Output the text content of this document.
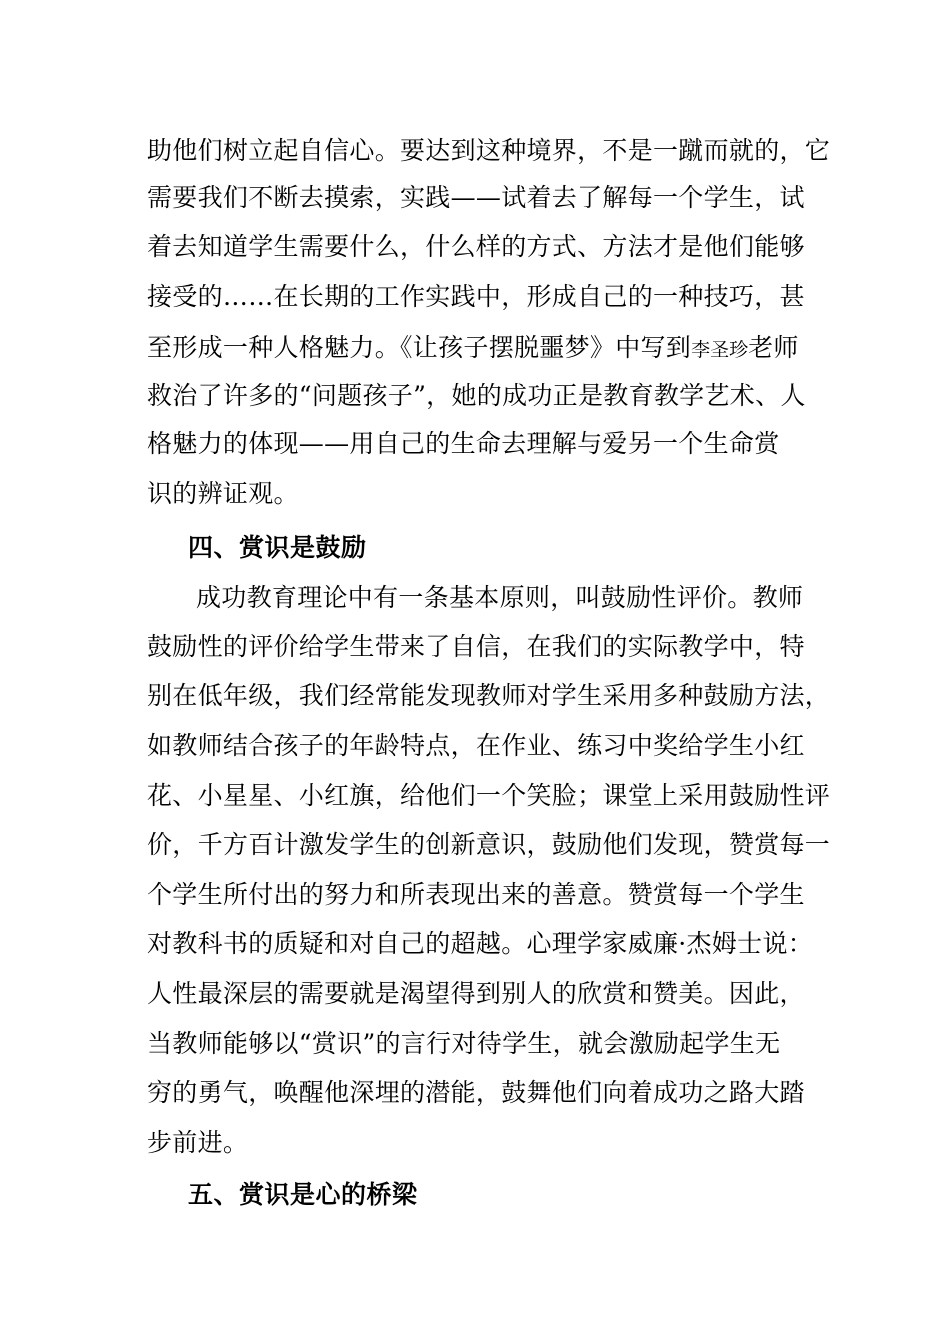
助他们树立起自信心。要达到这种境界，不是一蹴而就的，它
需要我们不断去摸索，实践——试着去了解每一个学生，试
着去知道学生需要什么，什么样的方式、方法才是他们能够
接受的……在长期的工作实践中，形成自己的一种技巧，甚
至形成一种人格魅力。《让孩子摆脱噩梦》中写到李圣珍老师
救治了许多的“问题孩子”，她的成功正是教育教学艺术、人
格魅力的体现——用自己的生命去理解与爱另一个生命赏
识的辨证观。
四、赏识是鼓励
成功教育理论中有一条基本原则，叫鼓励性评价。教师
鼓励性的评价给学生带来了自信，在我们的实际教学中，特
别在低年级，我们经常能发现教师对学生采用多种鼓励方法，
如教师结合孩子的年龄特点，在作业、练习中奖给学生小红
花、小星星、小红旗，给他们一个笑脸；课堂上采用鼓励性评
价，千方百计激发学生的创新意识，鼓励他们发现，赞赏每一
个学生所付出的努力和所表现出来的善意。赞赏每一个学生
对教科书的质疑和对自己的超越。心理学家威廉·杰姆士说：
人性最深层的需要就是渴望得到别人的欣赏和赞美。因此，
当教师能够以“赏识”的言行对待学生，就会激励起学生无
穷的勇气，唤醒他深埋的潜能，鼓舞他们向着成功之路大踏
步前进。
五、赏识是心的桥梁
